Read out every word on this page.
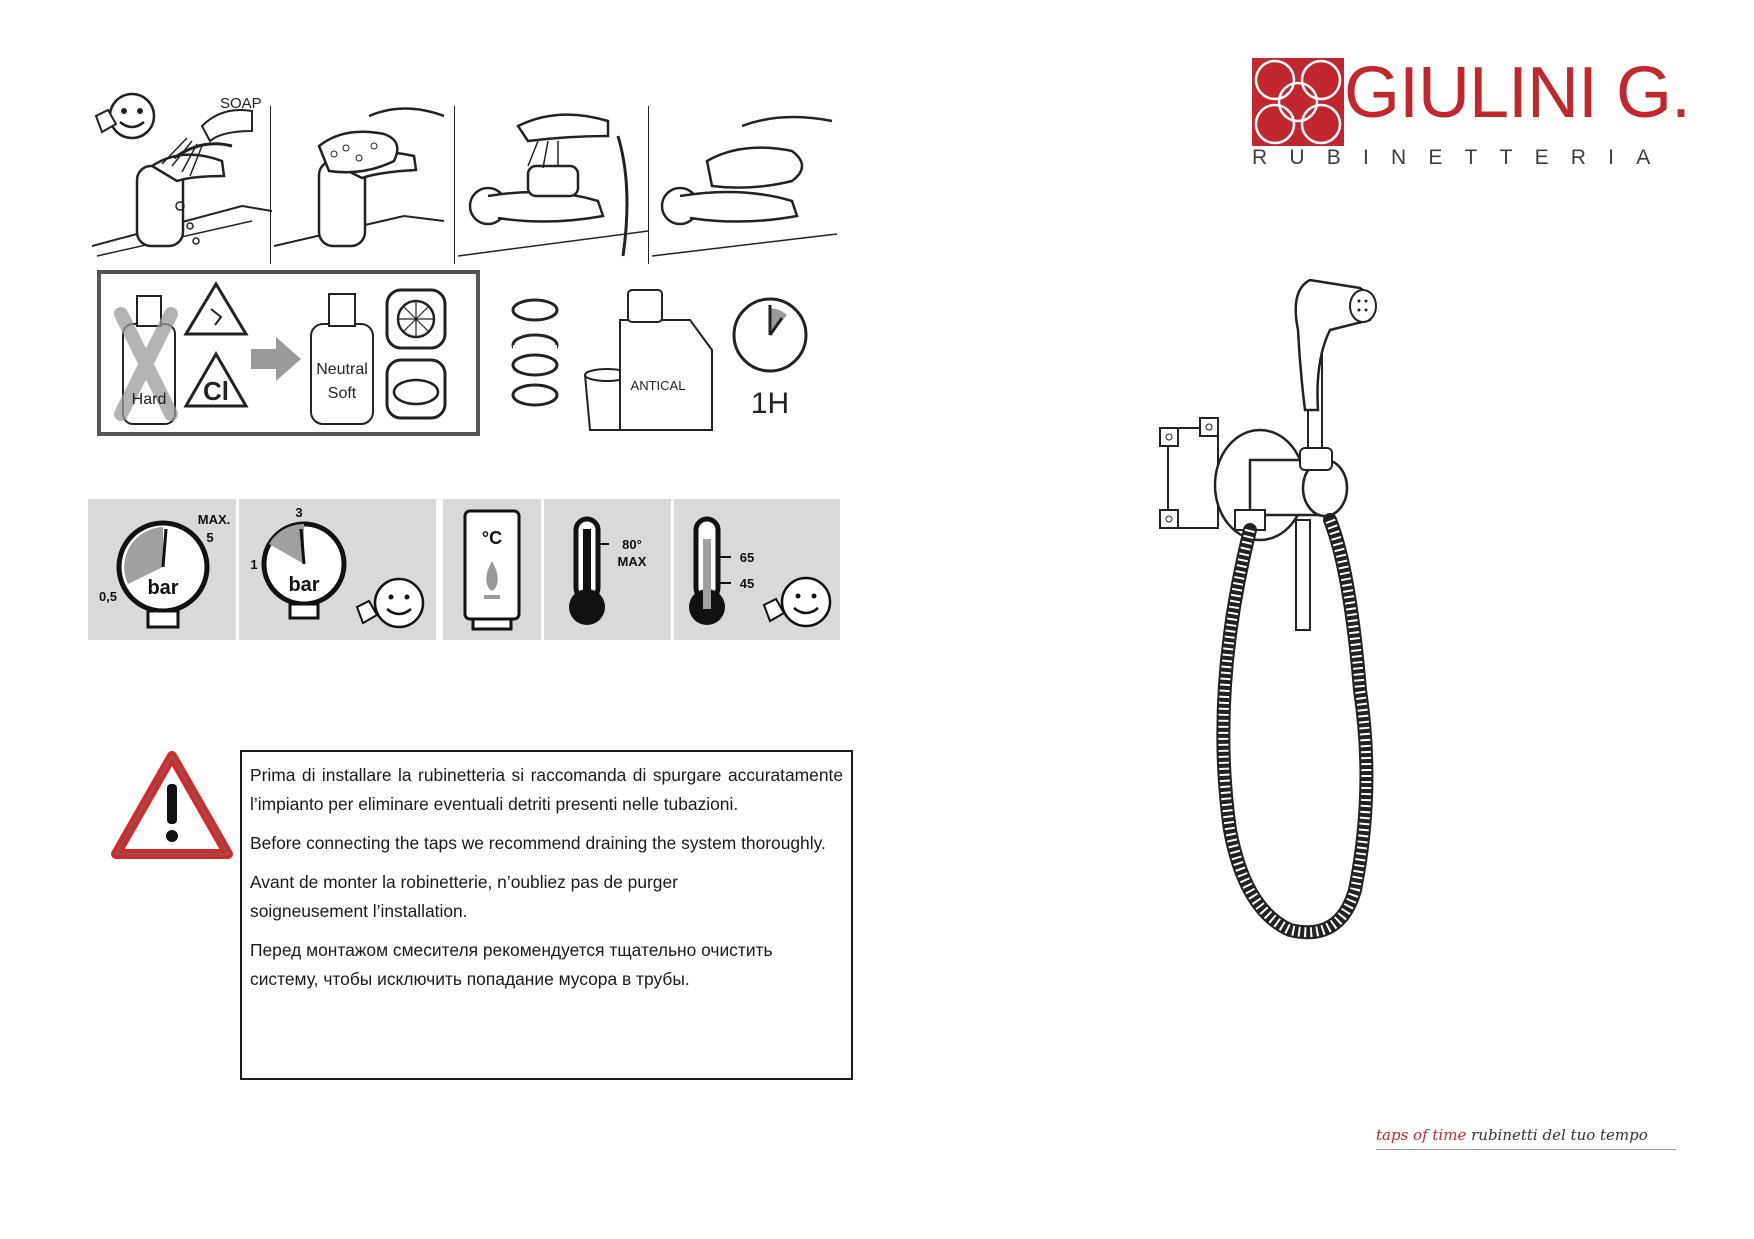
SOAP
Hard Cl
Neutral
Soft	ANTICAL
1H
bar
MAX.
5
0,5
bar
3
1
°C	80°
MAX	65
45

Prima di installare la rubinetteria si raccomanda di spurgare accuratamente l’impianto per eliminare eventuali detriti presenti nelle tubazioni.

Before connecting the taps we recommend draining the system thoroughly.

Avant de monter la robinetterie, n’oubliez pas de purger soigneusement l’installation.

Перед монтажом смесителя рекомендуется тщательно очистить систему, чтобы исключить попадание мусора в трубы.

GIULINI G.
RUBINETTERIA
taps of time rubinetti del tuo tempo
